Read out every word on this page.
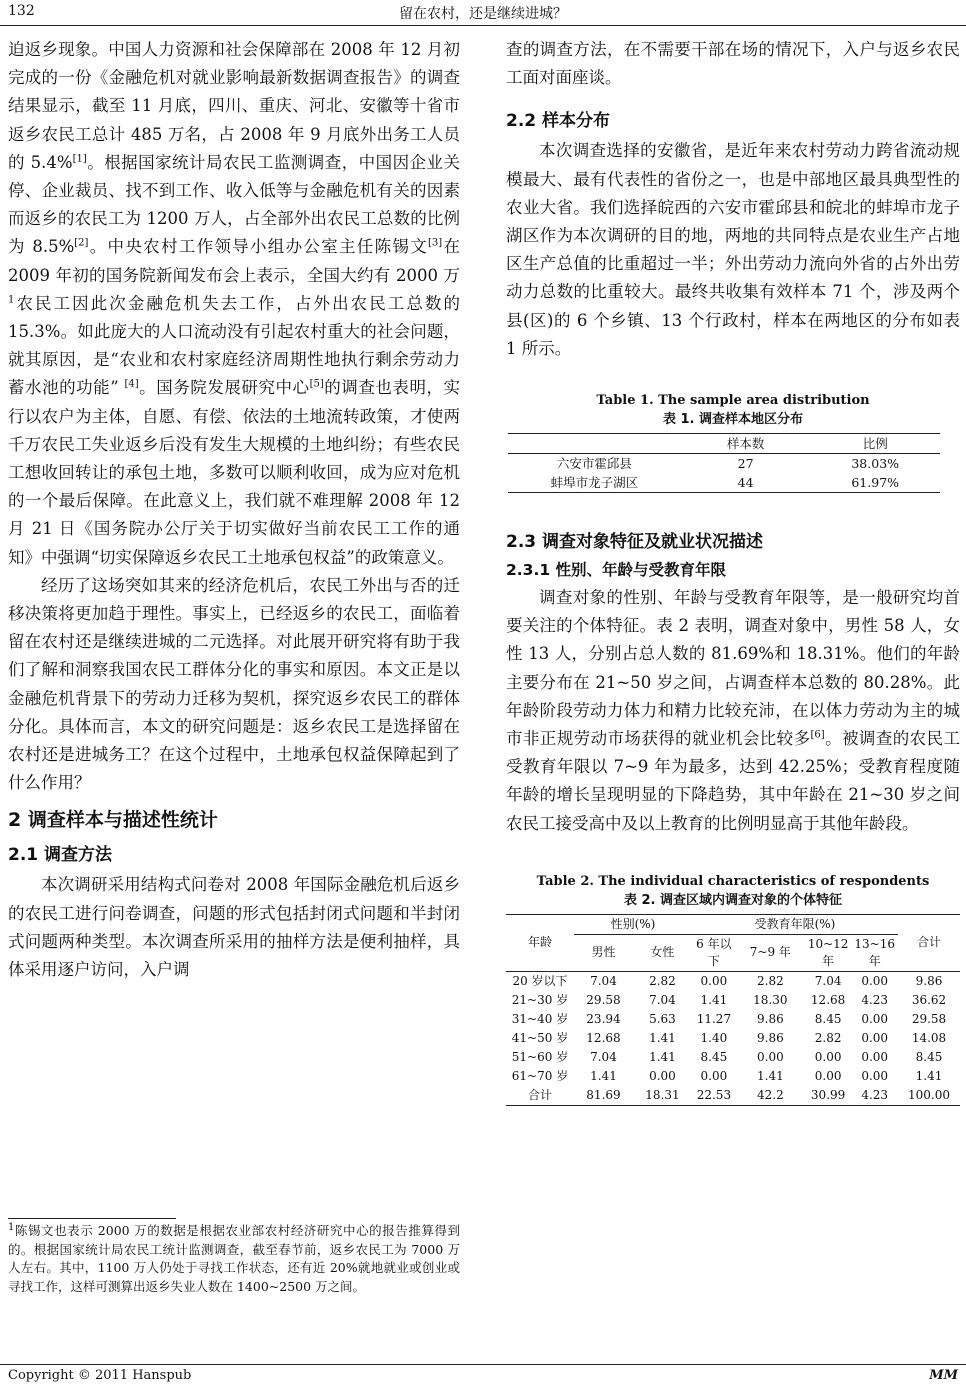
132	留在农村，还是继续进城？

迫返乡现象。中国人力资源和社会保障部在 2008 年 12 月初完成的一份《金融危机对就业影响最新数据调查报告》的调查结果显示，截至 11 月底，四川、重庆、河北、安徽等十省市返乡农民工总计 485 万名，占 2008 年 9 月底外出务工人员的 5.4%[1]。根据国家统计局农民工监测调查，中国因企业关停、企业裁员、找不到工作、收入低等与金融危机有关的因素而返乡的农民工为 1200 万人，占全部外出农民工总数的比例为 8.5%[2]。中央农村工作领导小组办公室主任陈锡文[3]在 2009 年初的国务院新闻发布会上表示，全国大约有 2000 万 $^1$农民工因此次金融危机失去工作，占外出农民工总数的 15.3%。如此庞大的人口流动没有引起农村重大的社会问题，就其原因，是“农业和农村家庭经济周期性地执行剩余劳动力蓄水池的功能” [4]。国务院发展研究中心[5]的调查也表明，实行以农户为主体，自愿、有偿、依法的土地流转政策，才使两千万农民工失业返乡后没有发生大规模的土地纠纷；有些农民工想收回转让的承包土地，多数可以顺利收回，成为应对危机的一个最后保障。在此意义上，我们就不难理解 2008 年 12 月 21 日《国务院办公厅关于切实做好当前农民工工作的通知》中强调“切实保障返乡农民工土地承包权益”的政策意义。

经历了这场突如其来的经济危机后，农民工外出与否的迁移决策将更加趋于理性。事实上，已经返乡的农民工，面临着留在农村还是继续进城的二元选择。对此展开研究将有助于我们了解和洞察我国农民工群体分化的事实和原因。本文正是以金融危机背景下的劳动力迁移为契机，探究返乡农民工的群体分化。具体而言，本文的研究问题是：返乡农民工是选择留在农村还是进城务工？在这个过程中，土地承包权益保障起到了什么作用？

2 调查样本与描述性统计
2.1 调查方法

本次调研采用结构式问卷对 2008 年国际金融危机后返乡的农民工进行问卷调查，问题的形式包括封闭式问题和半封闭式问题两种类型。本次调查所采用的抽样方法是便利抽样，具体采用逐户访问，入户调

$^1$陈锡文也表示 2000 万的数据是根据农业部农村经济研究中心的报告推算得到的。根据国家统计局农民工统计监测调查，截至春节前，返乡农民工为 7000 万人左右。其中，1100 万人仍处于寻找工作状态，还有近 20%就地就业或创业或寻找工作，这样可测算出返乡失业人数在 1400~2500 万之间。

查的调查方法，在不需要干部在场的情况下，入户与返乡农民工面对面座谈。

2.2 样本分布

本次调查选择的安徽省，是近年来农村劳动力跨省流动规模最大、最有代表性的省份之一，也是中部地区最具典型性的农业大省。我们选择皖西的六安市霍邱县和皖北的蚌埠市龙子湖区作为本次调研的目的地，两地的共同特点是农业生产占地区生产总值的比重超过一半；外出劳动力流向外省的占外出劳动力总数的比重较大。最终共收集有效样本 71 个，涉及两个县(区)的 6 个乡镇、13 个行政村，样本在两地区的分布如表 1 所示。

Table 1. The sample area distribution

表 1. 调查样本地区分布

	样本数	比例
六安市霍邱县	27	38.03%
蚌埠市龙子湖区	44	61.97%
2.3 调查对象特征及就业状况描述
2.3.1 性别、年龄与受教育年限

调查对象的性别、年龄与受教育年限等，是一般研究均首要关注的个体特征。表 2 表明，调查对象中，男性 58 人，女性 13 人，分别占总人数的 81.69%和 18.31%。他们的年龄主要分布在 21~50 岁之间，占调查样本总数的 80.28%。此年龄阶段劳动力体力和精力比较充沛，在以体力劳动为主的城市非正规劳动市场获得的就业机会比较多[6]。被调查的农民工受教育年限以 7~9 年为最多，达到 42.25%；受教育程度随年龄的增长呈现明显的下降趋势，其中年龄在 21~30 岁之间农民工接受高中及以上教育的比例明显高于其他年龄段。

Table 2. The individual characteristics of respondents

表 2. 调查区域内调查对象的个体特征

年龄	性别(%)		受教育年限(%)				合计
	男性	女性	6 年以下	7~9 年	10~12 年	13~16 年	
20 岁以下	7.04	2.82	0.00	2.82	7.04	0.00	9.86
21~30 岁	29.58	7.04	1.41	18.30	12.68	4.23	36.62
31~40 岁	23.94	5.63	11.27	9.86	8.45	0.00	29.58
41~50 岁	12.68	1.41	1.40	9.86	2.82	0.00	14.08
51~60 岁	7.04	1.41	8.45	0.00	0.00	0.00	8.45
61~70 岁	1.41	0.00	0.00	1.41	0.00	0.00	1.41
合计	81.69	18.31	22.53	42.2	30.99	4.23	100.00
Copyright © 2011 Hanspub	MM
